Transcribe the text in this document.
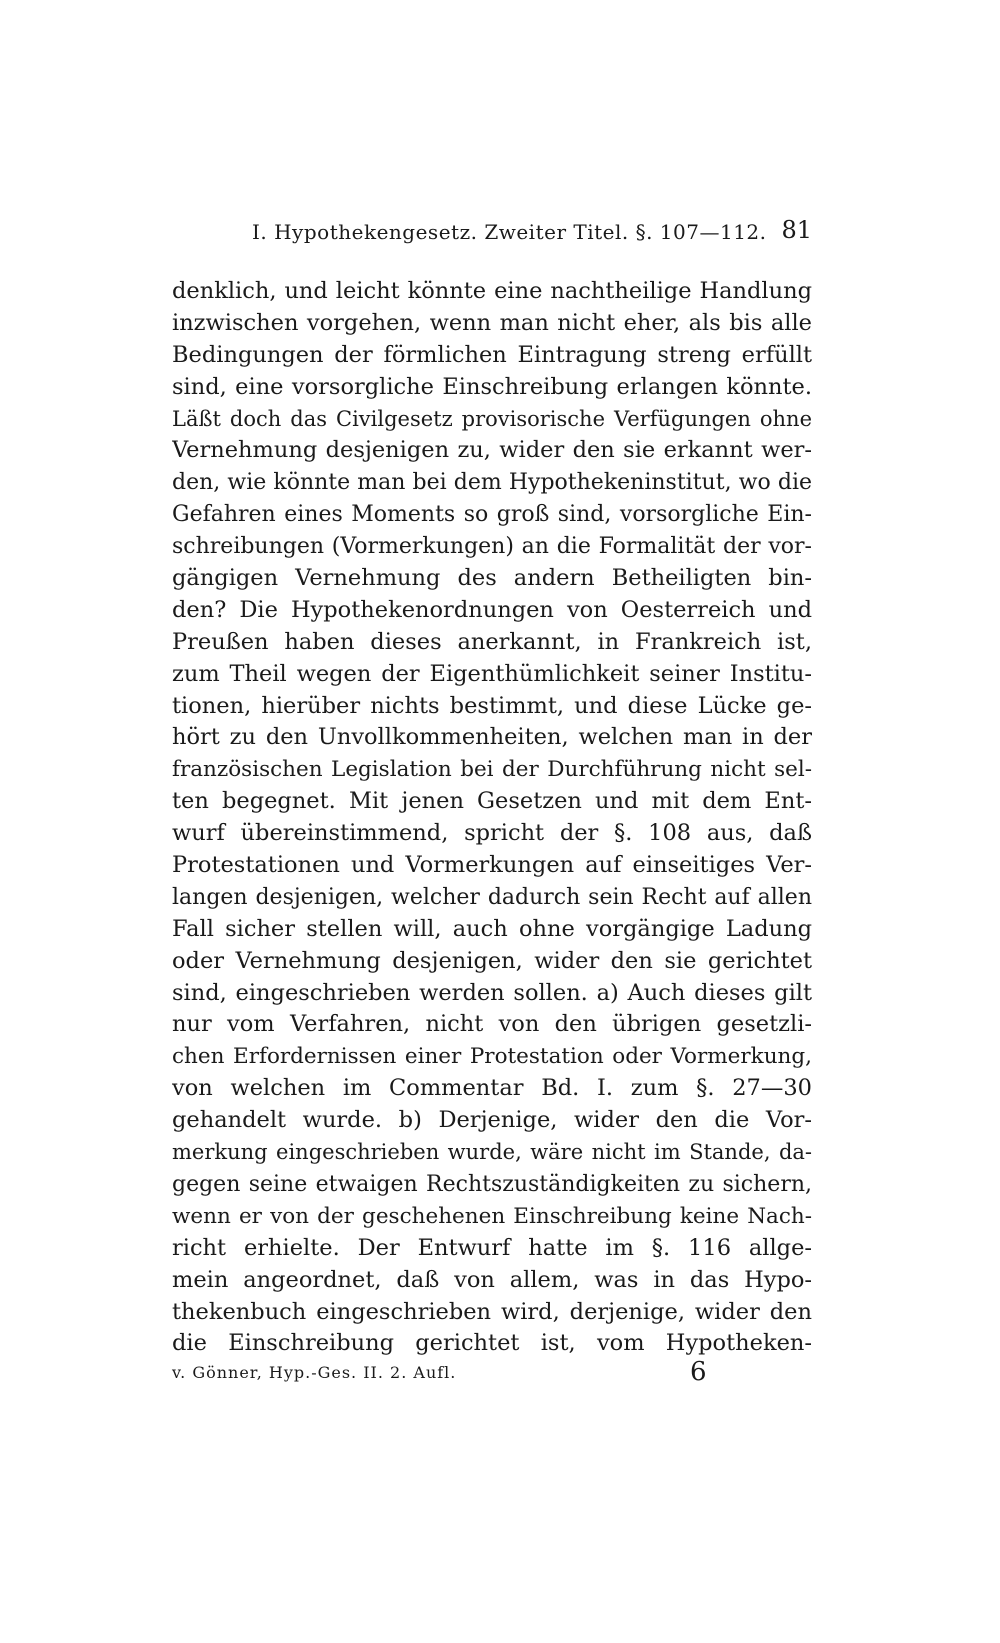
I. Hypothekengesetz. Zweiter Titel. §. 107—112. 81
denklich, und leicht könnte eine nachtheilige Handlung
inzwischen vorgehen, wenn man nicht eher, als bis alle
Bedingungen der förmlichen Eintragung streng erfüllt
sind, eine vorsorgliche Einschreibung erlangen könnte.
Läßt doch das Civilgesetz provisorische Verfügungen ohne
Vernehmung desjenigen zu, wider den sie erkannt wer-
den, wie könnte man bei dem Hypothekeninstitut, wo die
Gefahren eines Moments so groß sind, vorsorgliche Ein-
schreibungen (Vormerkungen) an die Formalität der vor-
gängigen Vernehmung des andern Betheiligten bin-
den? Die Hypothekenordnungen von Oesterreich und
Preußen haben dieses anerkannt, in Frankreich ist,
zum Theil wegen der Eigenthümlichkeit seiner Institu-
tionen, hierüber nichts bestimmt, und diese Lücke ge-
hört zu den Unvollkommenheiten, welchen man in der
französischen Legislation bei der Durchführung nicht sel-
ten begegnet. Mit jenen Gesetzen und mit dem Ent-
wurf übereinstimmend, spricht der §. 108 aus, daß
Protestationen und Vormerkungen auf einseitiges Ver-
langen desjenigen, welcher dadurch sein Recht auf allen
Fall sicher stellen will, auch ohne vorgängige Ladung
oder Vernehmung desjenigen, wider den sie gerichtet
sind, eingeschrieben werden sollen. a) Auch dieses gilt
nur vom Verfahren, nicht von den übrigen gesetzli-
chen Erfordernissen einer Protestation oder Vormerkung,
von welchen im Commentar Bd. I. zum §. 27—30
gehandelt wurde. b) Derjenige, wider den die Vor-
merkung eingeschrieben wurde, wäre nicht im Stande, da-
gegen seine etwaigen Rechtszuständigkeiten zu sichern,
wenn er von der geschehenen Einschreibung keine Nach-
richt erhielte. Der Entwurf hatte im §. 116 allge-
mein angeordnet, daß von allem, was in das Hypo-
thekenbuch eingeschrieben wird, derjenige, wider den
die Einschreibung gerichtet ist, vom Hypotheken-
v. Gönner, Hyp.-Ges. II. 2. Aufl.	6
